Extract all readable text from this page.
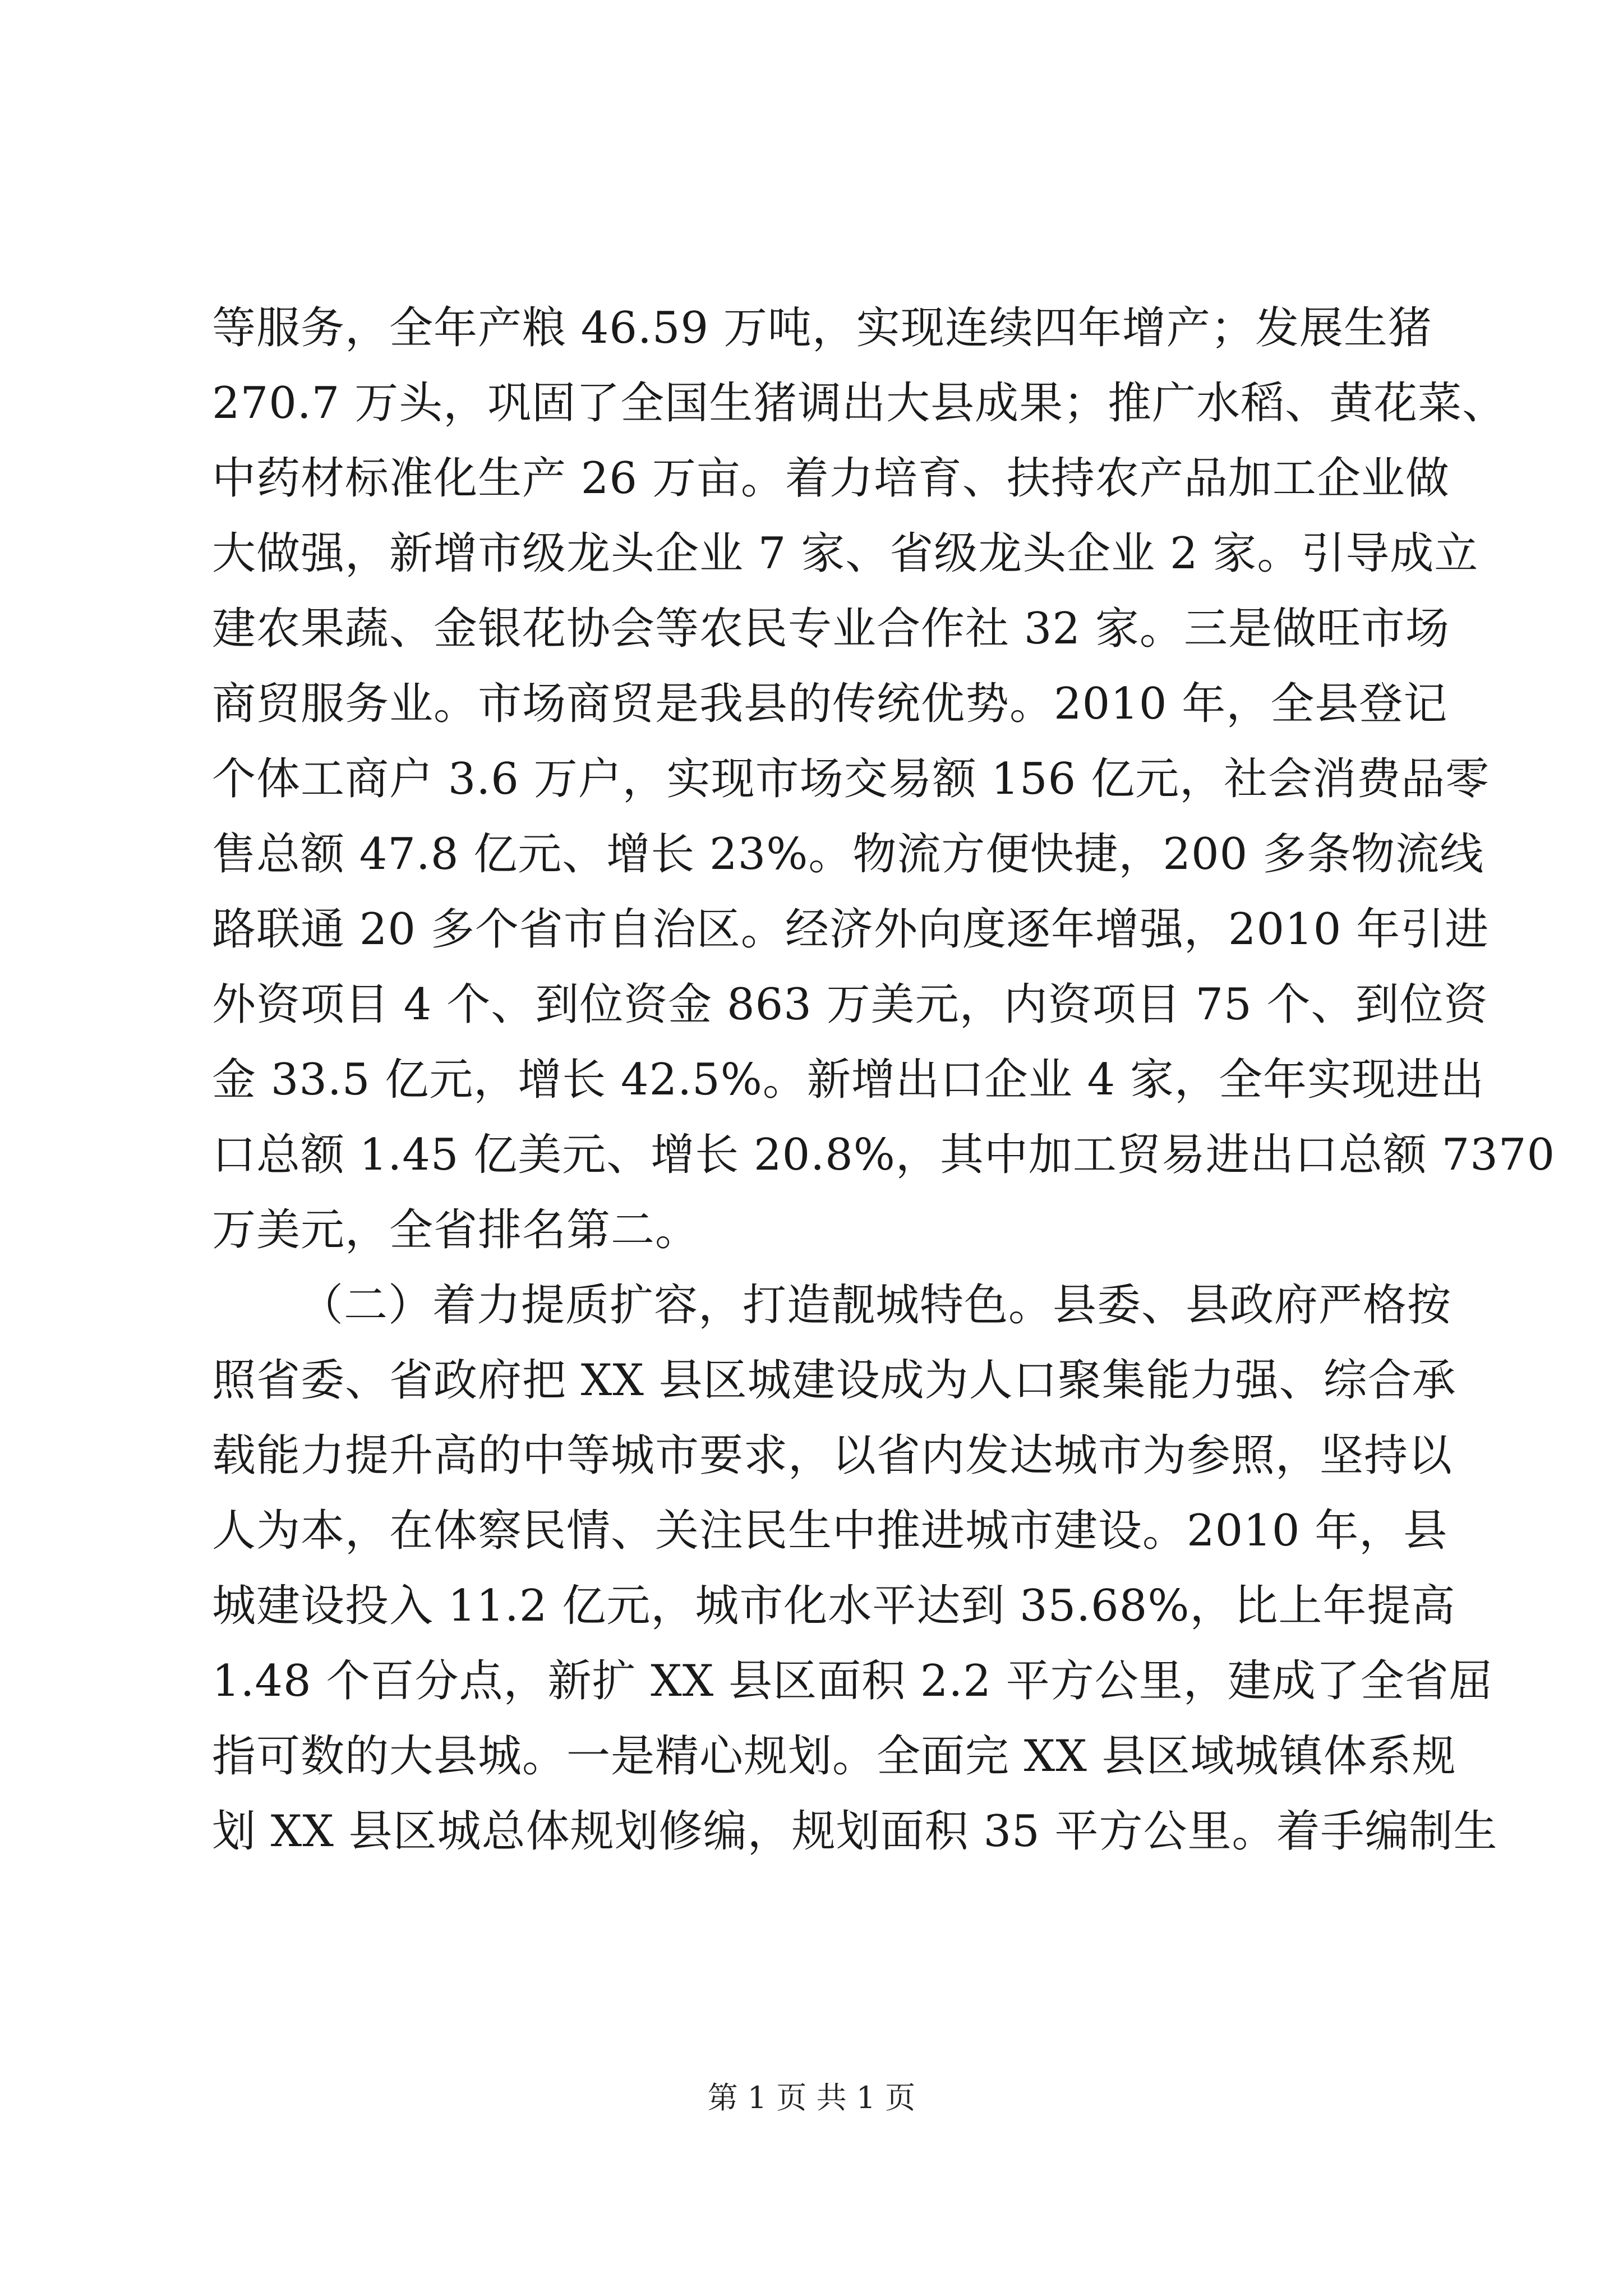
等服务，全年产粮 46.59 万吨，实现连续四年增产；发展生猪
270.7 万头，巩固了全国生猪调出大县成果；推广水稻、黄花菜、
中药材标准化生产 26 万亩。着力培育、扶持农产品加工企业做
大做强，新增市级龙头企业 7 家、省级龙头企业 2 家。引导成立
建农果蔬、金银花协会等农民专业合作社 32 家。三是做旺市场
商贸服务业。市场商贸是我县的传统优势。2010 年，全县登记
个体工商户 3.6 万户，实现市场交易额 156 亿元，社会消费品零
售总额 47.8 亿元、增长 23%。物流方便快捷，200 多条物流线
路联通 20 多个省市自治区。经济外向度逐年增强，2010 年引进
外资项目 4 个、到位资金 863 万美元，内资项目 75 个、到位资
金 33.5 亿元，增长 42.5%。新增出口企业 4 家，全年实现进出
口总额 1.45 亿美元、增长 20.8%，其中加工贸易进出口总额 7370
万美元，全省排名第二。
（二）着力提质扩容，打造靓城特色。县委、县政府严格按
照省委、省政府把 XX 县区城建设成为人口聚集能力强、综合承
载能力提升高的中等城市要求，以省内发达城市为参照，坚持以
人为本，在体察民情、关注民生中推进城市建设。2010 年，县
城建设投入 11.2 亿元，城市化水平达到 35.68%，比上年提高
1.48 个百分点，新扩 XX 县区面积 2.2 平方公里，建成了全省屈
指可数的大县城。一是精心规划。全面完 XX 县区域城镇体系规
划 XX 县区城总体规划修编，规划面积 35 平方公里。着手编制生
第 1 页 共 1 页
